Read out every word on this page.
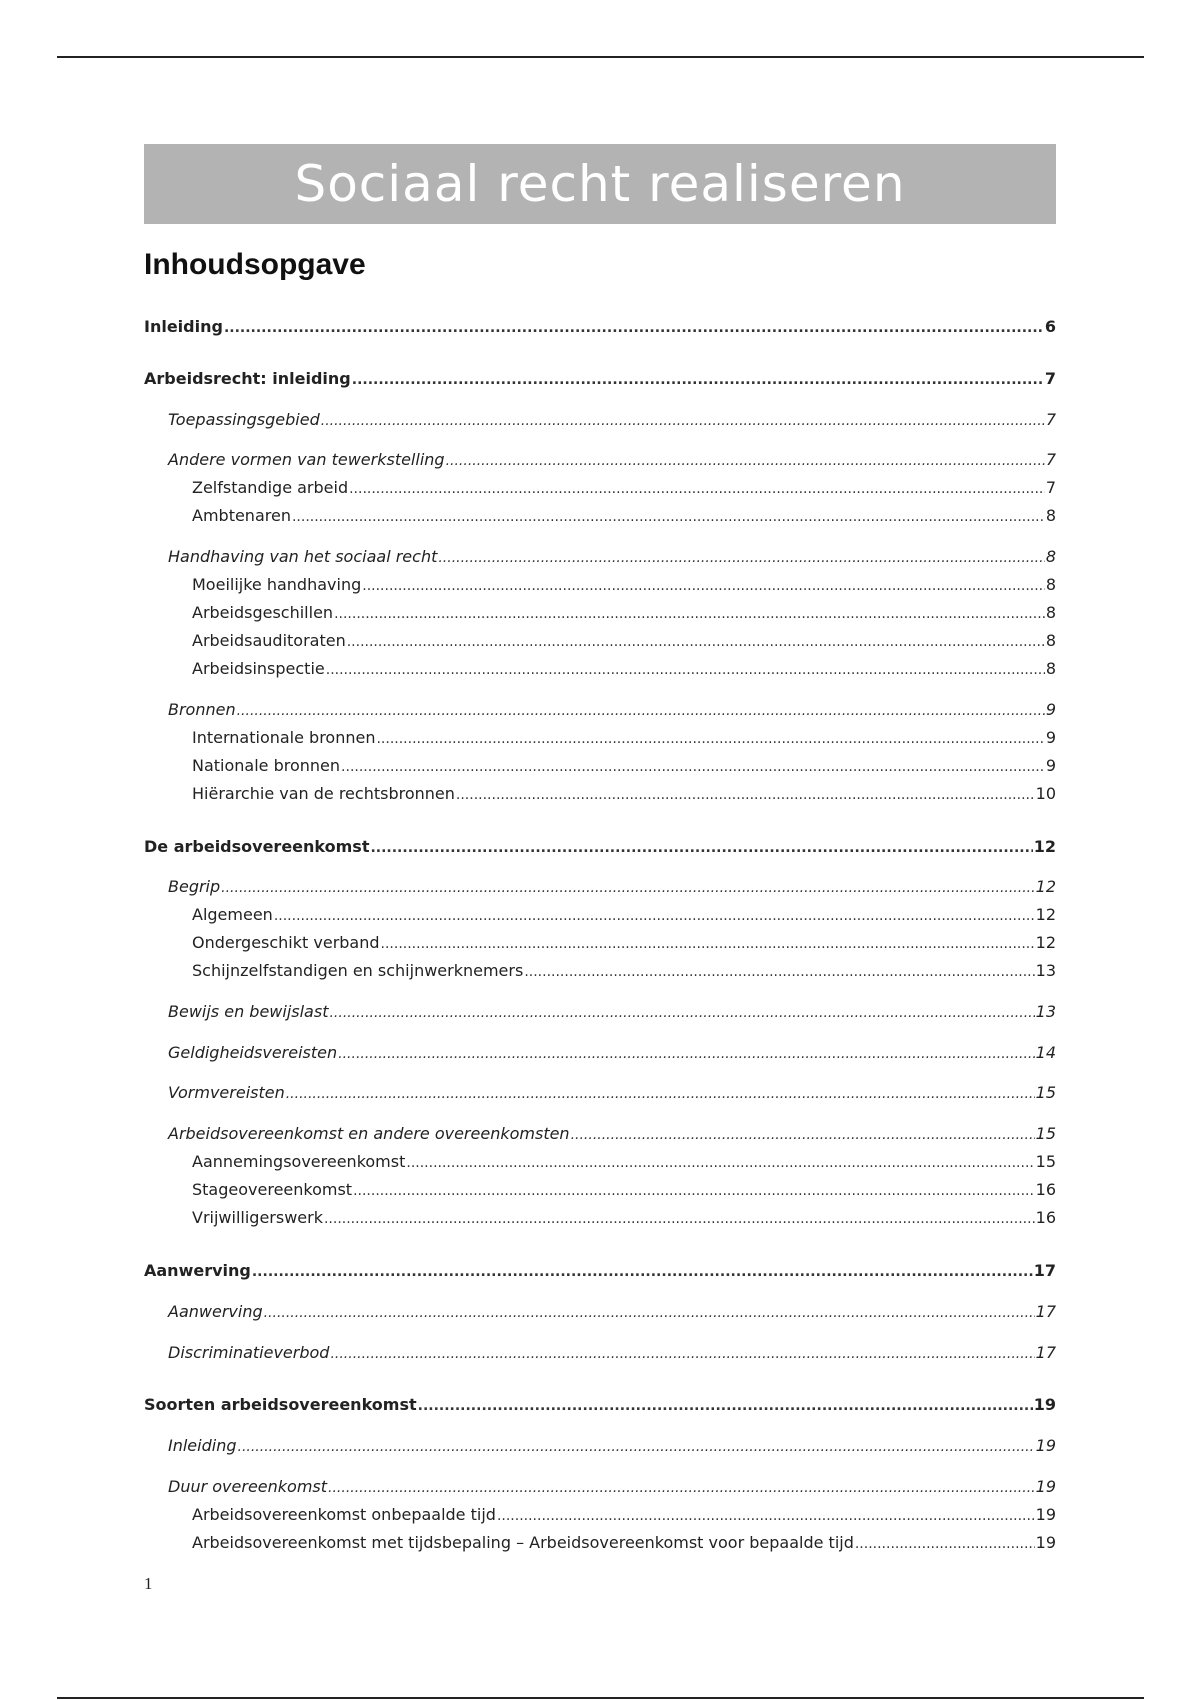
Sociaal recht realiseren
Inhoudsopgave
Inleiding .....	6
Arbeidsrecht: inleiding .....	7
Toepassingsgebied .....	7
Andere vormen van tewerkstelling .....	7
Zelfstandige arbeid .....	7
Ambtenaren .....	8
Handhaving van het sociaal recht .....	8
Moeilijke handhaving .....	8
Arbeidsgeschillen .....	8
Arbeidsauditoraten .....	8
Arbeidsinspectie .....	8
Bronnen .....	9
Internationale bronnen .....	9
Nationale bronnen .....	9
Hiërarchie van de rechtsbronnen .....	10
De arbeidsovereenkomst .....	12
Begrip .....	12
Algemeen .....	12
Ondergeschikt verband .....	12
Schijnzelfstandigen en schijnwerknemers .....	13
Bewijs en bewijslast .....	13
Geldigheidsvereisten .....	14
Vormvereisten .....	15
Arbeidsovereenkomst en andere overeenkomsten .....	15
Aannemingsovereenkomst .....	15
Stageovereenkomst .....	16
Vrijwilligerswerk .....	16
Aanwerving .....	17
Aanwerving .....	17
Discriminatieverbod .....	17
Soorten arbeidsovereenkomst .....	19
Inleiding .....	19
Duur overeenkomst .....	19
Arbeidsovereenkomst onbepaalde tijd .....	19
Arbeidsovereenkomst met tijdsbepaling – Arbeidsovereenkomst voor bepaalde tijd .....	19
1
